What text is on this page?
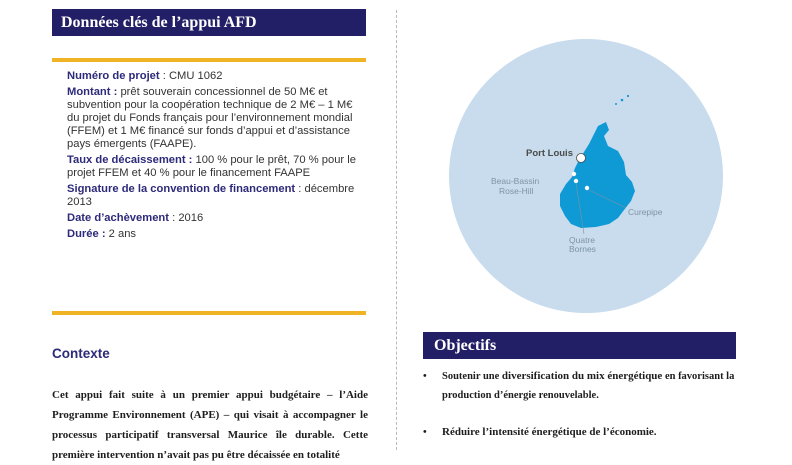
Données clés de l’appui AFD
Numéro de projet : CMU 1062
Montant : prêt souverain concessionnel de 50 M€ et subvention pour la coopération technique de 2 M€ – 1 M€ du projet du Fonds français pour l’environnement mondial (FFEM) et 1 M€ financé sur fonds d’appui et d’assistance pays émergents (FAAPE).
Taux de décaissement : 100 % pour le prêt, 70 % pour le projet FFEM et 40 % pour le financement FAAPE
Signature de la convention de financement : décembre 2013
Date d’achèvement : 2016
Durée : 2 ans
Contexte
Cet appui fait suite à un premier appui budgétaire – l’Aide Programme Environnement (APE) – qui visait à accompagner le processus participatif transversal Maurice île durable. Cette première intervention n’avait pas pu être décaissée en totalité
Port Louis
Beau-Bassin
Rose-Hill
Quatre
Bornes
Curepipe
Objectifs
• Soutenir une diversification du mix énergétique en favorisant la production d’énergie renouvelable.
• Réduire l’intensité énergétique de l’économie.
